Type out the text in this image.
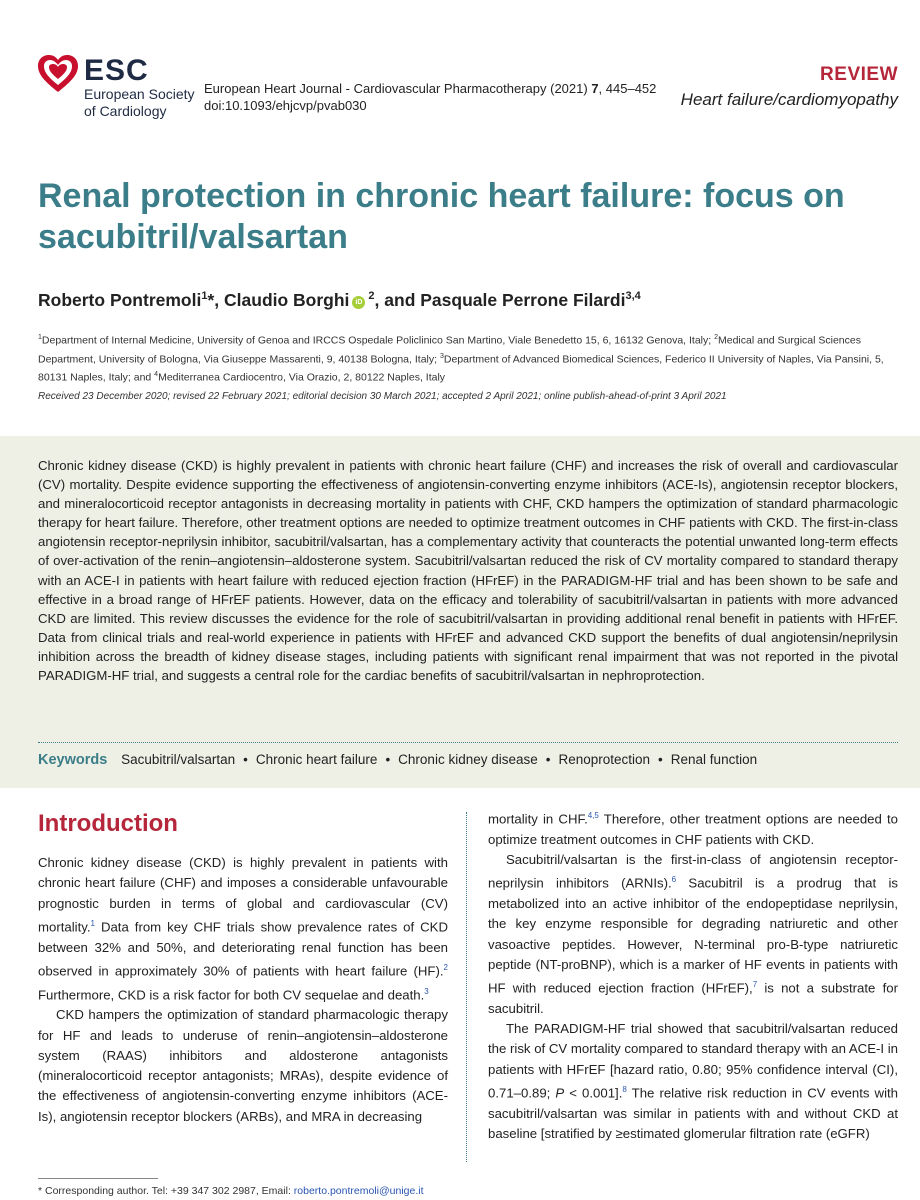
ESC
European Society
of Cardiology
European Heart Journal - Cardiovascular Pharmacotherapy (2021) 7, 445–452
doi:10.1093/ehjcvp/pvab030
REVIEW
Heart failure/cardiomyopathy
Renal protection in chronic heart failure: focus on sacubitril/valsartan
Roberto Pontremoli$^1$*, Claudio Borghi $iD^2$, and Pasquale Perrone Filardi$^{3,4}$
$^1$Department of Internal Medicine, University of Genoa and IRCCS Ospedale Policlinico San Martino, Viale Benedetto 15, 6, 16132 Genova, Italy; $^2$Medical and Surgical Sciences Department, University of Bologna, Via Giuseppe Massarenti, 9, 40138 Bologna, Italy; $^3$Department of Advanced Biomedical Sciences, Federico II University of Naples, Via Pansini, 5, 80131 Naples, Italy; and $^4$Mediterranea Cardiocentro, Via Orazio, 2, 80122 Naples, Italy
Received 23 December 2020; revised 22 February 2021; editorial decision 30 March 2021; accepted 2 April 2021; online publish-ahead-of-print 3 April 2021
Chronic kidney disease (CKD) is highly prevalent in patients with chronic heart failure (CHF) and increases the risk of overall and cardiovascular (CV) mortality. Despite evidence supporting the effectiveness of angiotensin-converting enzyme inhibitors (ACE-Is), angiotensin receptor blockers, and mineralocorticoid receptor antagonists in decreasing mortality in patients with CHF, CKD hampers the optimization of standard pharmacologic therapy for heart failure. Therefore, other treatment options are needed to optimize treatment outcomes in CHF patients with CKD. The first-in-class angiotensin receptor-neprilysin inhibitor, sacubitril/valsartan, has a complementary activity that counteracts the potential unwanted long-term effects of over-activation of the renin–angiotensin–aldosterone system. Sacubitril/valsartan reduced the risk of CV mortality compared to standard therapy with an ACE-I in patients with heart failure with reduced ejection fraction (HFrEF) in the PARADIGM-HF trial and has been shown to be safe and effective in a broad range of HFrEF patients. However, data on the efficacy and tolerability of sacubitril/valsartan in patients with more advanced CKD are limited. This review discusses the evidence for the role of sacubitril/valsartan in providing additional renal benefit in patients with HFrEF. Data from clinical trials and real-world experience in patients with HFrEF and advanced CKD support the benefits of dual angiotensin/neprilysin inhibition across the breadth of kidney disease stages, including patients with significant renal impairment that was not reported in the pivotal PARADIGM-HF trial, and suggests a central role for the cardiac benefits of sacubitril/valsartan in nephroprotection.
Keywords Sacubitril/valsartan • Chronic heart failure • Chronic kidney disease • Renoprotection • Renal function
Introduction

Chronic kidney disease (CKD) is highly prevalent in patients with chronic heart failure (CHF) and imposes a considerable unfavourable prognostic burden in terms of global and cardiovascular (CV) mortality.$^1$ Data from key CHF trials show prevalence rates of CKD between 32% and 50%, and deteriorating renal function has been observed in approximately 30% of patients with heart failure (HF).$^2$ Furthermore, CKD is a risk factor for both CV sequelae and death.$^3$

CKD hampers the optimization of standard pharmacologic therapy for HF and leads to underuse of renin–angiotensin–aldosterone system (RAAS) inhibitors and aldosterone antagonists (mineralocorticoid receptor antagonists; MRAs), despite evidence of the effectiveness of angiotensin-converting enzyme inhibitors (ACE-Is), angiotensin receptor blockers (ARBs), and MRA in decreasing

mortality in CHF.$^{4,5}$ Therefore, other treatment options are needed to optimize treatment outcomes in CHF patients with CKD.

Sacubitril/valsartan is the first-in-class of angiotensin receptor-neprilysin inhibitors (ARNIs).$^6$ Sacubitril is a prodrug that is metabolized into an active inhibitor of the endopeptidase neprilysin, the key enzyme responsible for degrading natriuretic and other vasoactive peptides. However, N-terminal pro-B-type natriuretic peptide (NT-proBNP), which is a marker of HF events in patients with HF with reduced ejection fraction (HFrEF),$^7$ is not a substrate for sacubitril.

The PARADIGM-HF trial showed that sacubitril/valsartan reduced the risk of CV mortality compared to standard therapy with an ACE-I in patients with HFrEF [hazard ratio, 0.80; 95% confidence interval (CI), 0.71–0.89; P < 0.001].$^8$ The relative risk reduction in CV events with sacubitril/valsartan was similar in patients with and without CKD at baseline [stratified by ≥estimated glomerular filtration rate (eGFR)

* Corresponding author. Tel: +39 347 302 2987, Email: roberto.pontremoli@unige.it
